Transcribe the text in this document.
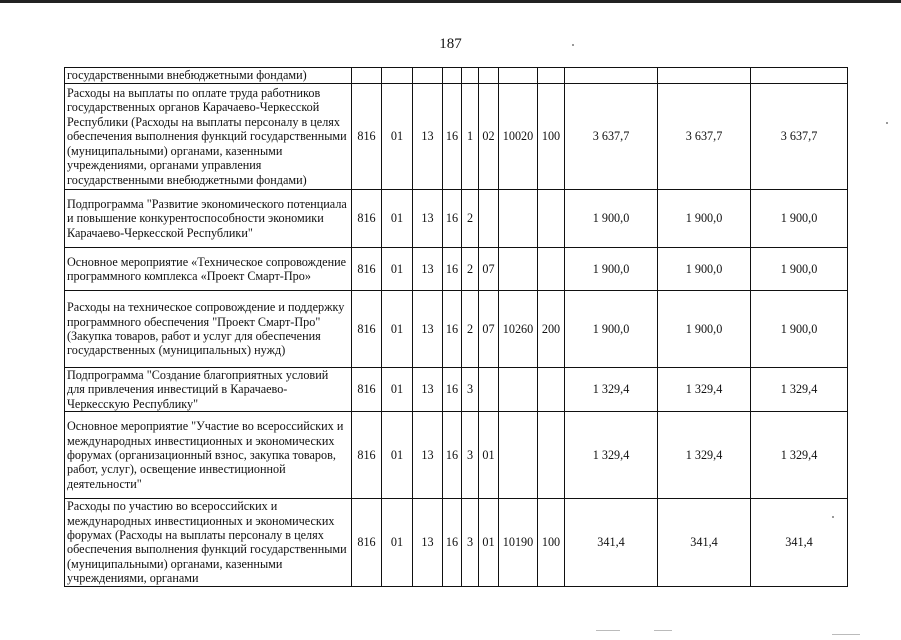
187
государственными внебюджетными фондами)											
Расходы на выплаты по оплате труда работников государственных органов Карачаево-Черкесской Республики (Расходы на выплаты персоналу в целях обеспечения выполнения функций государственными (муниципальными) органами, казенными учреждениями, органами управления государственными внебюджетными фондами)	816	01	13	16	1	02	10020	100	3 637,7	3 637,7	3 637,7
Подпрограмма "Развитие экономического потенциала и повышение конкурентоспособности экономики Карачаево-Черкесской Республики"	816	01	13	16	2				1 900,0	1 900,0	1 900,0
Основное мероприятие «Техническое сопровождение программного комплекса «Проект Смарт-Про»	816	01	13	16	2	07			1 900,0	1 900,0	1 900,0
Расходы на техническое сопровождение и поддержку программного обеспечения "Проект Смарт-Про" (Закупка товаров, работ и услуг для обеспечения государственных (муниципальных) нужд)	816	01	13	16	2	07	10260	200	1 900,0	1 900,0	1 900,0
Подпрограмма "Создание благоприятных условий для привлечения инвестиций в Карачаево-Черкесскую Республику"	816	01	13	16	3				1 329,4	1 329,4	1 329,4
Основное мероприятие "Участие во всероссийских и международных инвестиционных и экономических форумах (организационный взнос, закупка товаров, работ, услуг), освещение инвестиционной деятельности"	816	01	13	16	3	01			1 329,4	1 329,4	1 329,4
Расходы по участию во всероссийских и международных инвестиционных и экономических форумах (Расходы на выплаты персоналу в целях обеспечения выполнения функций государственными (муниципальными) органами, казенными учреждениями, органами	816	01	13	16	3	01	10190	100	341,4	341,4	341,4
